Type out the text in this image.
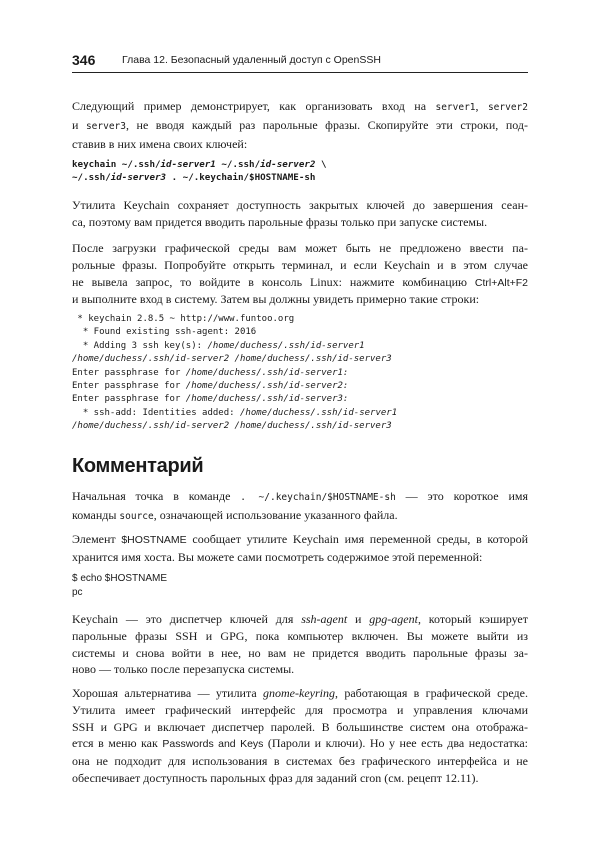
346	Глава 12. Безопасный удаленный доступ с OpenSSH
Следующий пример демонстрирует, как организовать вход на server1, server2
и server3, не вводя каждый раз парольные фразы. Скопируйте эти строки, под-
ставив в них имена своих ключей:
keychain ~/.ssh/id-server1 ~/.ssh/id-server2 \
~/.ssh/id-server3 . ~/.keychain/$HOSTNAME-sh
Утилита Keychain сохраняет доступность закрытых ключей до завершения сеан-
са, поэтому вам придется вводить парольные фразы только при запуске системы.
После загрузки графической среды вам может быть не предложено ввести па-
рольные фразы. Попробуйте открыть терминал, и если Keychain и в этом случае
не вывела запрос, то войдите в консоль Linux: нажмите комбинацию Ctrl+Alt+F2
и выполните вход в систему. Затем вы должны увидеть примерно такие строки:
* keychain 2.8.5 ~ http://www.funtoo.org
* Found existing ssh-agent: 2016
* Adding 3 ssh key(s): /home/duchess/.ssh/id-server1
/home/duchess/.ssh/id-server2 /home/duchess/.ssh/id-server3
Enter passphrase for /home/duchess/.ssh/id-server1:
Enter passphrase for /home/duchess/.ssh/id-server2:
Enter passphrase for /home/duchess/.ssh/id-server3:
* ssh-add: Identities added: /home/duchess/.ssh/id-server1
/home/duchess/.ssh/id-server2 /home/duchess/.ssh/id-server3
Комментарий
Начальная точка в команде . ~/.keychain/$HOSTNAME-sh — это короткое имя
команды source, означающей использование указанного файла.
Элемент $HOSTNAME сообщает утилите Keychain имя переменной среды, в которой
хранится имя хоста. Вы можете сами посмотреть содержимое этой переменной:
$ echo $HOSTNAME
pc
Keychain — это диспетчер ключей для ssh-agent и gpg-agent, который кэширует
парольные фразы SSH и GPG, пока компьютер включен. Вы можете выйти из
системы и снова войти в нее, но вам не придется вводить парольные фразы за-
ново — только после перезапуска системы.
Хорошая альтернатива — утилита gnome-keyring, работающая в графической среде.
Утилита имеет графический интерфейс для просмотра и управления ключами
SSH и GPG и включает диспетчер паролей. В большинстве систем она отобража-
ется в меню как Passwords and Keys (Пароли и ключи). Но у нее есть два недостатка:
она не подходит для использования в системах без графического интерфейса и не
обеспечивает доступность парольных фраз для заданий cron (см. рецепт 12.11).
